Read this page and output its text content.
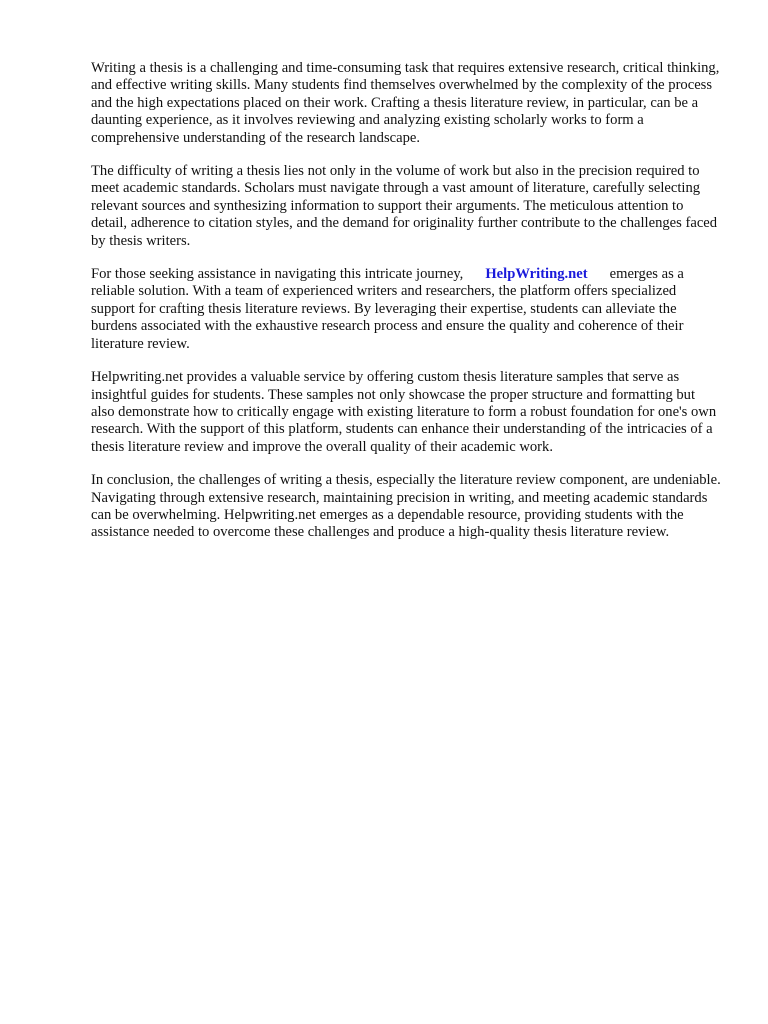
Writing a thesis is a challenging and time-consuming task that requires extensive research, critical thinking, and effective writing skills. Many students find themselves overwhelmed by the complexity of the process and the high expectations placed on their work. Crafting a thesis literature review, in particular, can be a daunting experience, as it involves reviewing and analyzing existing scholarly works to form a comprehensive understanding of the research landscape.

The difficulty of writing a thesis lies not only in the volume of work but also in the precision required to meet academic standards. Scholars must navigate through a vast amount of literature, carefully selecting relevant sources and synthesizing information to support their arguments. The meticulous attention to detail, adherence to citation styles, and the demand for originality further contribute to the challenges faced by thesis writers.

For those seeking assistance in navigating this intricate journey, HelpWriting.net emerges as a reliable solution. With a team of experienced writers and researchers, the platform offers specialized support for crafting thesis literature reviews. By leveraging their expertise, students can alleviate the burdens associated with the exhaustive research process and ensure the quality and coherence of their literature review.

Helpwriting.net provides a valuable service by offering custom thesis literature samples that serve as insightful guides for students. These samples not only showcase the proper structure and formatting but also demonstrate how to critically engage with existing literature to form a robust foundation for one's own research. With the support of this platform, students can enhance their understanding of the intricacies of a thesis literature review and improve the overall quality of their academic work.

In conclusion, the challenges of writing a thesis, especially the literature review component, are undeniable. Navigating through extensive research, maintaining precision in writing, and meeting academic standards can be overwhelming. Helpwriting.net emerges as a dependable resource, providing students with the assistance needed to overcome these challenges and produce a high-quality thesis literature review.
